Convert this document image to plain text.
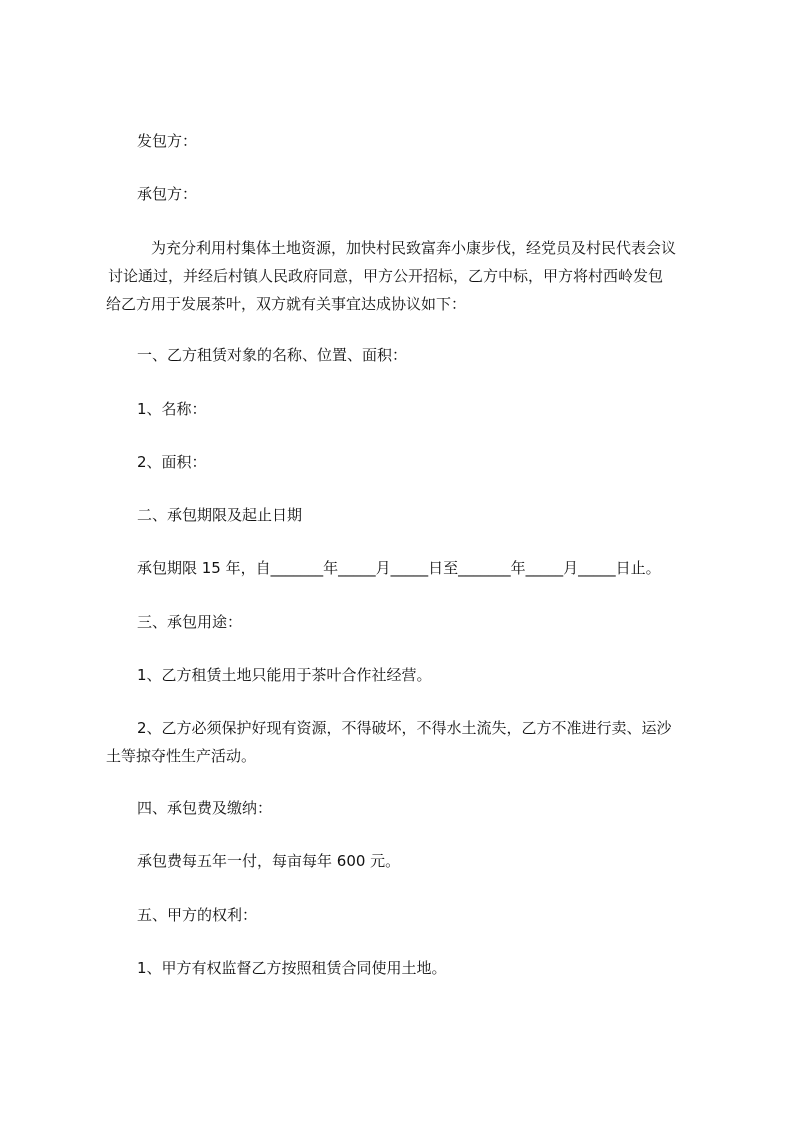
发包方：
承包方：
为充分利用村集体土地资源，加快村民致富奔小康步伐，经党员及村民代表会议
讨论通过，并经后村镇人民政府同意，甲方公开招标，乙方中标，甲方将村西岭发包
给乙方用于发展茶叶，双方就有关事宜达成协议如下：
一、乙方租赁对象的名称、位置、面积：
1、名称：
2、面积：
二、承包期限及起止日期
承包期限 15 年，自_______年_____月_____日至_______年_____月_____日止。
三、承包用途：
1、乙方租赁土地只能用于茶叶合作社经营。
2、乙方必须保护好现有资源，不得破坏，不得水土流失，乙方不准进行卖、运沙
土等掠夺性生产活动。
四、承包费及缴纳：
承包费每五年一付，每亩每年 600 元。
五、甲方的权利：
1、甲方有权监督乙方按照租赁合同使用土地。
